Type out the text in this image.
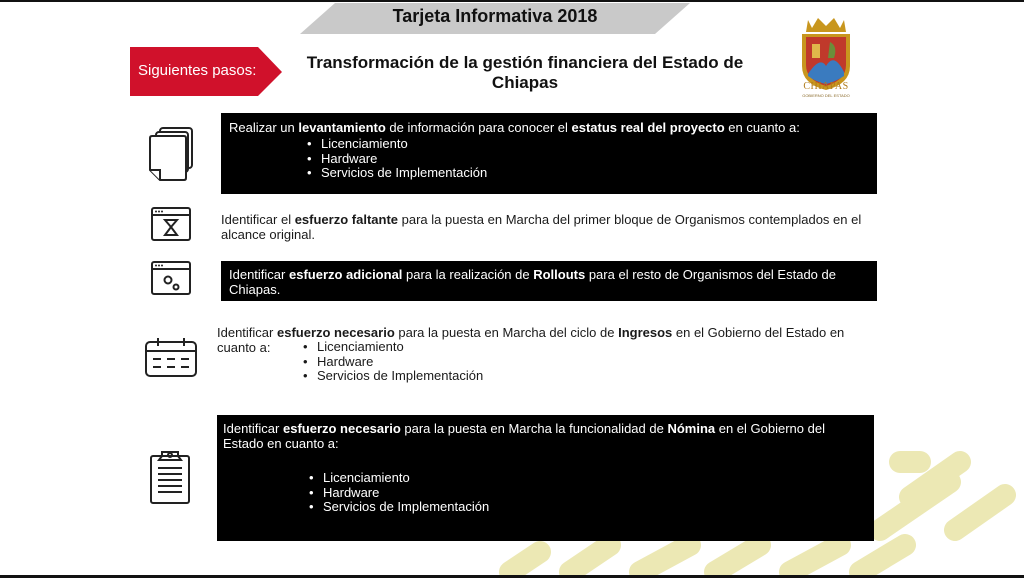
Tarjeta Informativa 2018
Siguientes pasos:	Transformación de la gestión financiera del Estado de
Chiapas	CHIAPAS
GOBIERNO DEL ESTADO
Realizar un levantamiento de información para conocer el estatus real del proyecto en cuanto a:
• Licenciamiento
• Hardware
• Servicios de Implementación
Identificar el esfuerzo faltante para la puesta en Marcha del primer bloque de Organismos contemplados en el alcance original.
Identificar esfuerzo adicional para la realización de Rollouts para el resto de Organismos del Estado de Chiapas.
Identificar esfuerzo necesario para la puesta en Marcha del ciclo de Ingresos en el Gobierno del Estado en cuanto a:
•	Licenciamiento
• Hardware
• Servicios de Implementación
Identificar esfuerzo necesario para la puesta en Marcha la funcionalidad de Nómina en el Gobierno del Estado en cuanto a:
• Licenciamiento
• Hardware
• Servicios de Implementación
